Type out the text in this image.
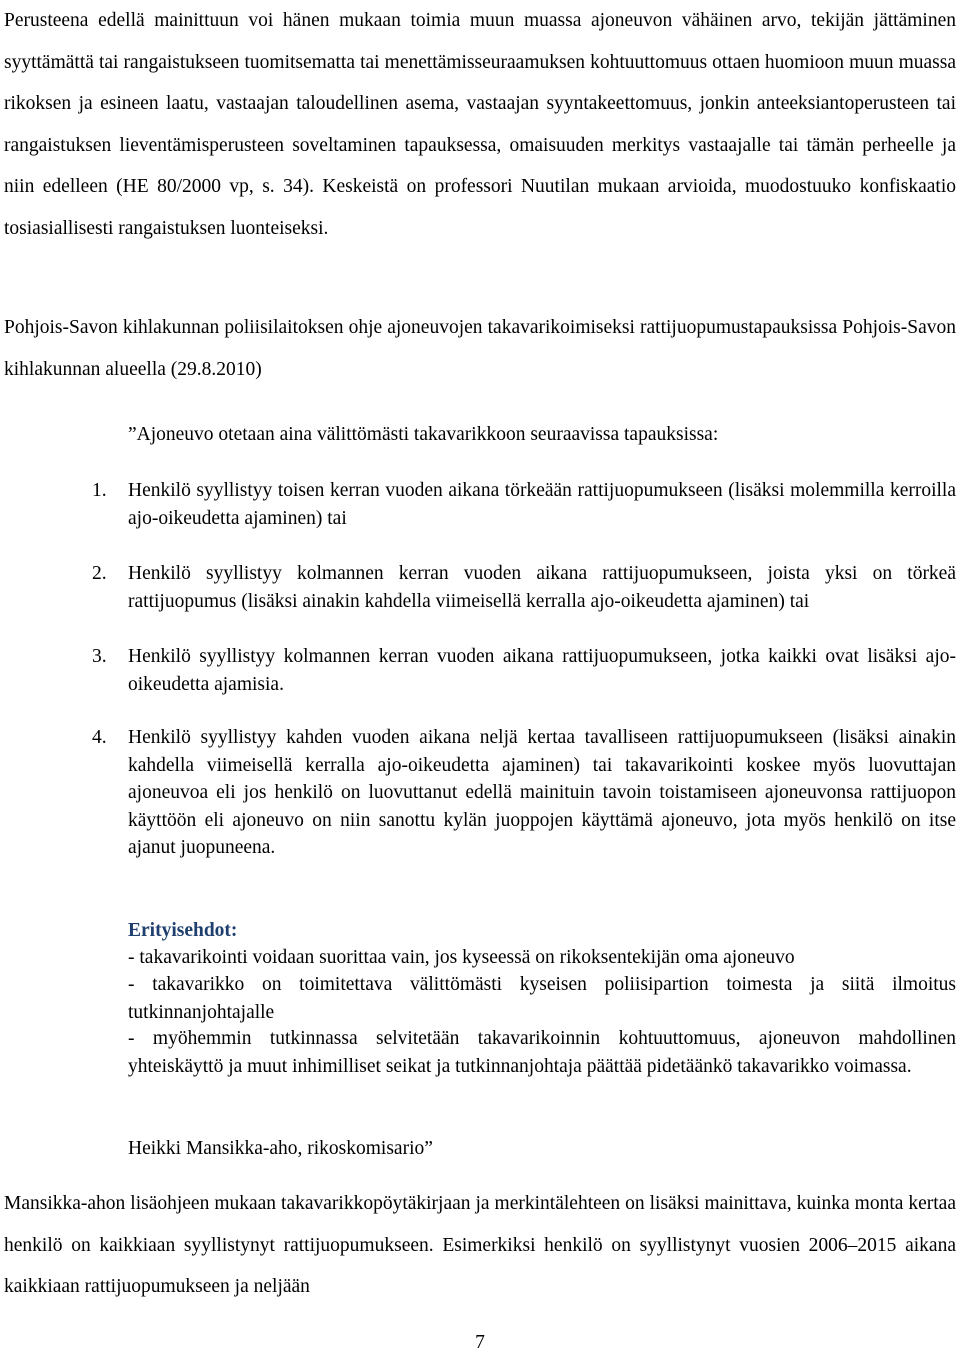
Perusteena edellä mainittuun voi hänen mukaan toimia muun muassa ajoneuvon vähäinen arvo, tekijän jättäminen syyttämättä tai rangaistukseen tuomitsematta tai menettämisseuraamuksen kohtuuttomuus ottaen huomioon muun muassa rikoksen ja esineen laatu, vastaajan taloudellinen asema, vastaajan syyntakeettomuus, jonkin anteeksiantoperusteen tai rangaistuksen lieventämisperusteen soveltaminen tapauksessa, omaisuuden merkitys vastaajalle tai tämän perheelle ja niin edelleen (HE 80/2000 vp, s. 34). Keskeistä on professori Nuutilan mukaan arvioida, muodostuuko konfiskaatio tosiasiallisesti rangaistuksen luonteiseksi.

Pohjois-Savon kihlakunnan poliisilaitoksen ohje ajoneuvojen takavarikoimiseksi rattijuopumustapauksissa Pohjois-Savon kihlakunnan alueella (29.8.2010)

”Ajoneuvo otetaan aina välittömästi takavarikkoon seuraavissa tapauksissa:

1.	Henkilö syyllistyy toisen kerran vuoden aikana törkeään rattijuopumukseen (lisäksi molemmilla kerroilla ajo-oikeudetta ajaminen) tai
2.	Henkilö syyllistyy kolmannen kerran vuoden aikana rattijuopumukseen, joista yksi on törkeä rattijuopumus (lisäksi ainakin kahdella viimeisellä kerralla ajo-oikeudetta ajaminen) tai
3.	Henkilö syyllistyy kolmannen kerran vuoden aikana rattijuopumukseen, jotka kaikki ovat lisäksi ajo-oikeudetta ajamisia.
4.	Henkilö syyllistyy kahden vuoden aikana neljä kertaa tavalliseen rattijuopumukseen (lisäksi ainakin kahdella viimeisellä kerralla ajo-oikeudetta ajaminen) tai takavarikointi koskee myös luovuttajan ajoneuvoa eli jos henkilö on luovuttanut edellä mainituin tavoin toistamiseen ajoneuvonsa rattijuopon käyttöön eli ajoneuvo on niin sanottu kylän juoppojen käyttämä ajoneuvo, jota myös henkilö on itse ajanut juopuneena.

Erityisehdot:

- takavarikointi voidaan suorittaa vain, jos kyseessä on rikoksentekijän oma ajoneuvo

- takavarikko on toimitettava välittömästi kyseisen poliisipartion toimesta ja siitä ilmoitus tutkinnanjohtajalle

- myöhemmin tutkinnassa selvitetään takavarikoinnin kohtuuttomuus, ajoneuvon mahdollinen yhteiskäyttö ja muut inhimilliset seikat ja tutkinnanjohtaja päättää pidetäänkö takavarikko voimassa.

Heikki Mansikka-aho, rikoskomisario”

Mansikka-ahon lisäohjeen mukaan takavarikkopöytäkirjaan ja merkintälehteen on lisäksi mainittava, kuinka monta kertaa henkilö on kaikkiaan syyllistynyt rattijuopumukseen. Esimerkiksi henkilö on syyllistynyt vuosien 2006–2015 aikana kaikkiaan rattijuopumukseen ja neljään

7
